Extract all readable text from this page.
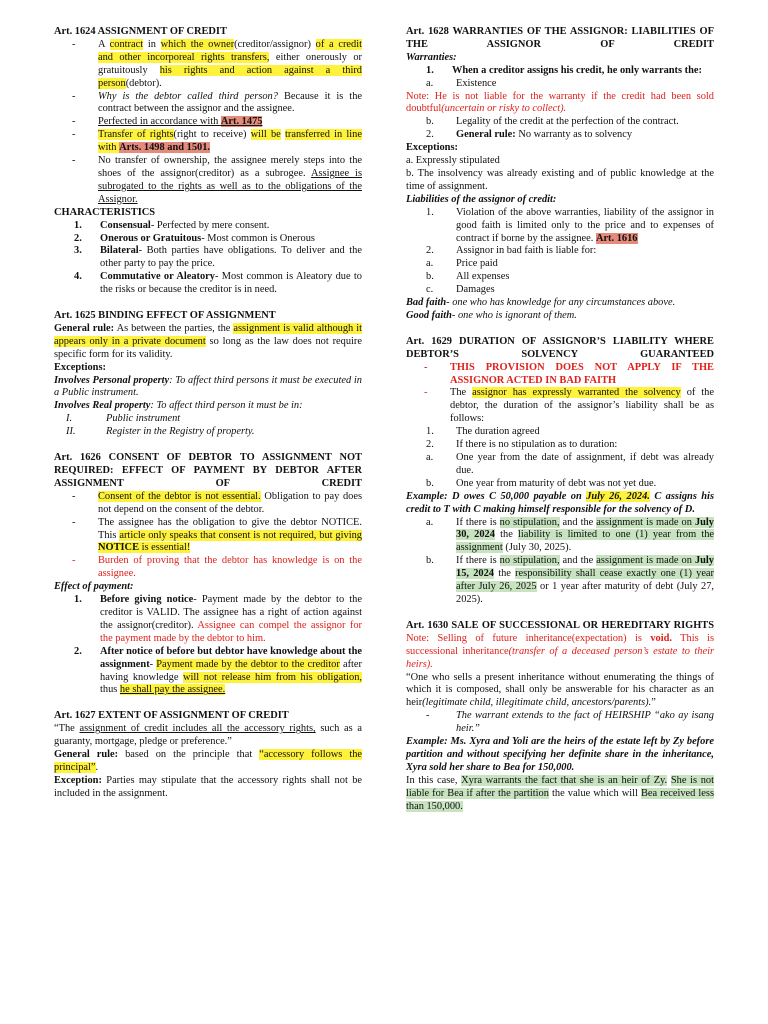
Art. 1624 ASSIGNMENT OF CREDIT

-	A contract in which the owner(creditor/assignor) of a credit and other incorporeal rights transfers, either onerously or gratuitously his rights and action against a third person(debtor).
-	Why is the debtor called third person? Because it is the contract between the assignor and the assignee.
-	Perfected in accordance with Art. 1475
-	Transfer of rights(right to receive) will be transferred in line with Arts. 1498 and 1501.
-	No transfer of ownership, the assignee merely steps into the shoes of the assignor(creditor) as a subrogee. Assignee is subrogated to the rights as well as to the obligations of the Assignor.

CHARACTERISTICS

1.	Consensual- Perfected by mere consent.
2.	Onerous or Gratuitous- Most common is Onerous
3.	Bilateral- Both parties have obligations. To deliver and the other party to pay the price.
4.	Commutative or Aleatory- Most common is Aleatory due to the risks or because the creditor is in need.

Art. 1625 BINDING EFFECT OF ASSIGNMENT

General rule: As between the parties, the assignment is valid although it appears only in a private document so long as the law does not require specific form for its validity.

Exceptions:

Involves Personal property: To affect third persons it must be executed in a Public instrument.

Involves Real property: To affect third person it must be in:

I.	Public instrument
II.	Register in the Registry of property.

Art. 1626 CONSENT OF DEBTOR TO ASSIGNMENT NOT REQUIRED: EFFECT OF PAYMENT BY DEBTOR AFTER ASSIGNMENT OF CREDIT

-	Consent of the debtor is not essential. Obligation to pay does not depend on the consent of the debtor.
-	The assignee has the obligation to give the debtor NOTICE. This article only speaks that consent is not required, but giving NOTICE is essential!
-	Burden of proving that the debtor has knowledge is on the assignee.

Effect of payment:

1.	Before giving notice- Payment made by the debtor to the creditor is VALID. The assignee has a right of action against the assignor(creditor). Assignee can compel the assignor for the payment made by the debtor to him.
2.	After notice of before but debtor have knowledge about the assignment- Payment made by the debtor to the creditor after having knowledge will not release him from his obligation, thus he shall pay the assignee.

Art. 1627 EXTENT OF ASSIGNMENT OF CREDIT

“The assignment of credit includes all the accessory rights, such as a guaranty, mortgage, pledge or preference.”

General rule: based on the principle that “accessory follows the principal”.

Exception: Parties may stipulate that the accessory rights shall not be included in the assignment.

Art. 1628 WARRANTIES OF THE ASSIGNOR: LIABILITIES OF THE ASSIGNOR OF CREDIT

Warranties:

1.	When a creditor assigns his credit, he only warrants the:
a.	Existence

Note: He is not liable for the warranty if the credit had been sold doubtful(uncertain or risky to collect).

b.	Legality of the credit at the perfection of the contract.
2.	General rule: No warranty as to solvency

Exceptions:

a. Expressly stipulated

b. The insolvency was already existing and of public knowledge at the time of assignment.

Liabilities of the assignor of credit:

1.	Violation of the above warranties, liability of the assignor in good faith is limited only to the price and to expenses of contract if borne by the assignee. Art. 1616
2.	Assignor in bad faith is liable for:
a.	Price paid
b.	All expenses
c.	Damages

Bad faith- one who has knowledge for any circumstances above.

Good faith- one who is ignorant of them.

Art. 1629 DURATION OF ASSIGNOR’S LIABILITY WHERE DEBTOR’S SOLVENCY GUARANTEED

-	THIS PROVISION DOES NOT APPLY IF THE ASSIGNOR ACTED IN BAD FAITH
-	The assignor has expressly warranted the solvency of the debtor, the duration of the assignor’s liability shall be as follows:
1.	The duration agreed
2.	If there is no stipulation as to duration:
a.	One year from the date of assignment, if debt was already due.
b.	One year from maturity of debt was not yet due.

Example: D owes C 50,000 payable on July 26, 2024. C assigns his credit to T with C making himself responsible for the solvency of D.

a.	If there is no stipulation, and the assignment is made on July 30, 2024 the liability is limited to one (1) year from the assignment (July 30, 2025).
b.	If there is no stipulation, and the assignment is made on July 15, 2024 the responsibility shall cease exactly one (1) year after July 26, 2025 or 1 year after maturity of debt (July 27, 2025).

Art. 1630 SALE OF SUCCESSIONAL OR HEREDITARY RIGHTS

Note: Selling of future inheritance(expectation) is void. This is successional inheritance(transfer of a deceased person’s estate to their heirs).

“One who sells a present inheritance without enumerating the things of which it is composed, shall only be answerable for his character as an heir(legitimate child, illegitimate child, ancestors/parents).”

-	The warrant extends to the fact of HEIRSHIP “ako ay isang heir.”

Example: Ms. Xyra and Yoli are the heirs of the estate left by Zy before partition and without specifying her definite share in the inheritance, Xyra sold her share to Bea for 150,000.

In this case, Xyra warrants the fact that she is an heir of Zy. She is not liable for Bea if after the partition the value which will Bea received less than 150,000.
